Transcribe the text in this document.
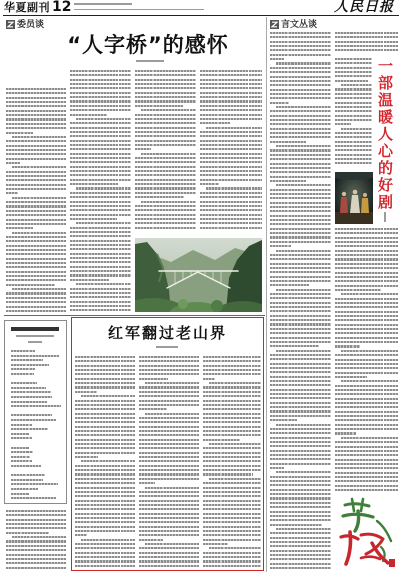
华夏副刊 12	人民日报
委员谈
“人字桥”的感怀
红军翻过老山界
言文丛谈
一部温暖人心的好剧
